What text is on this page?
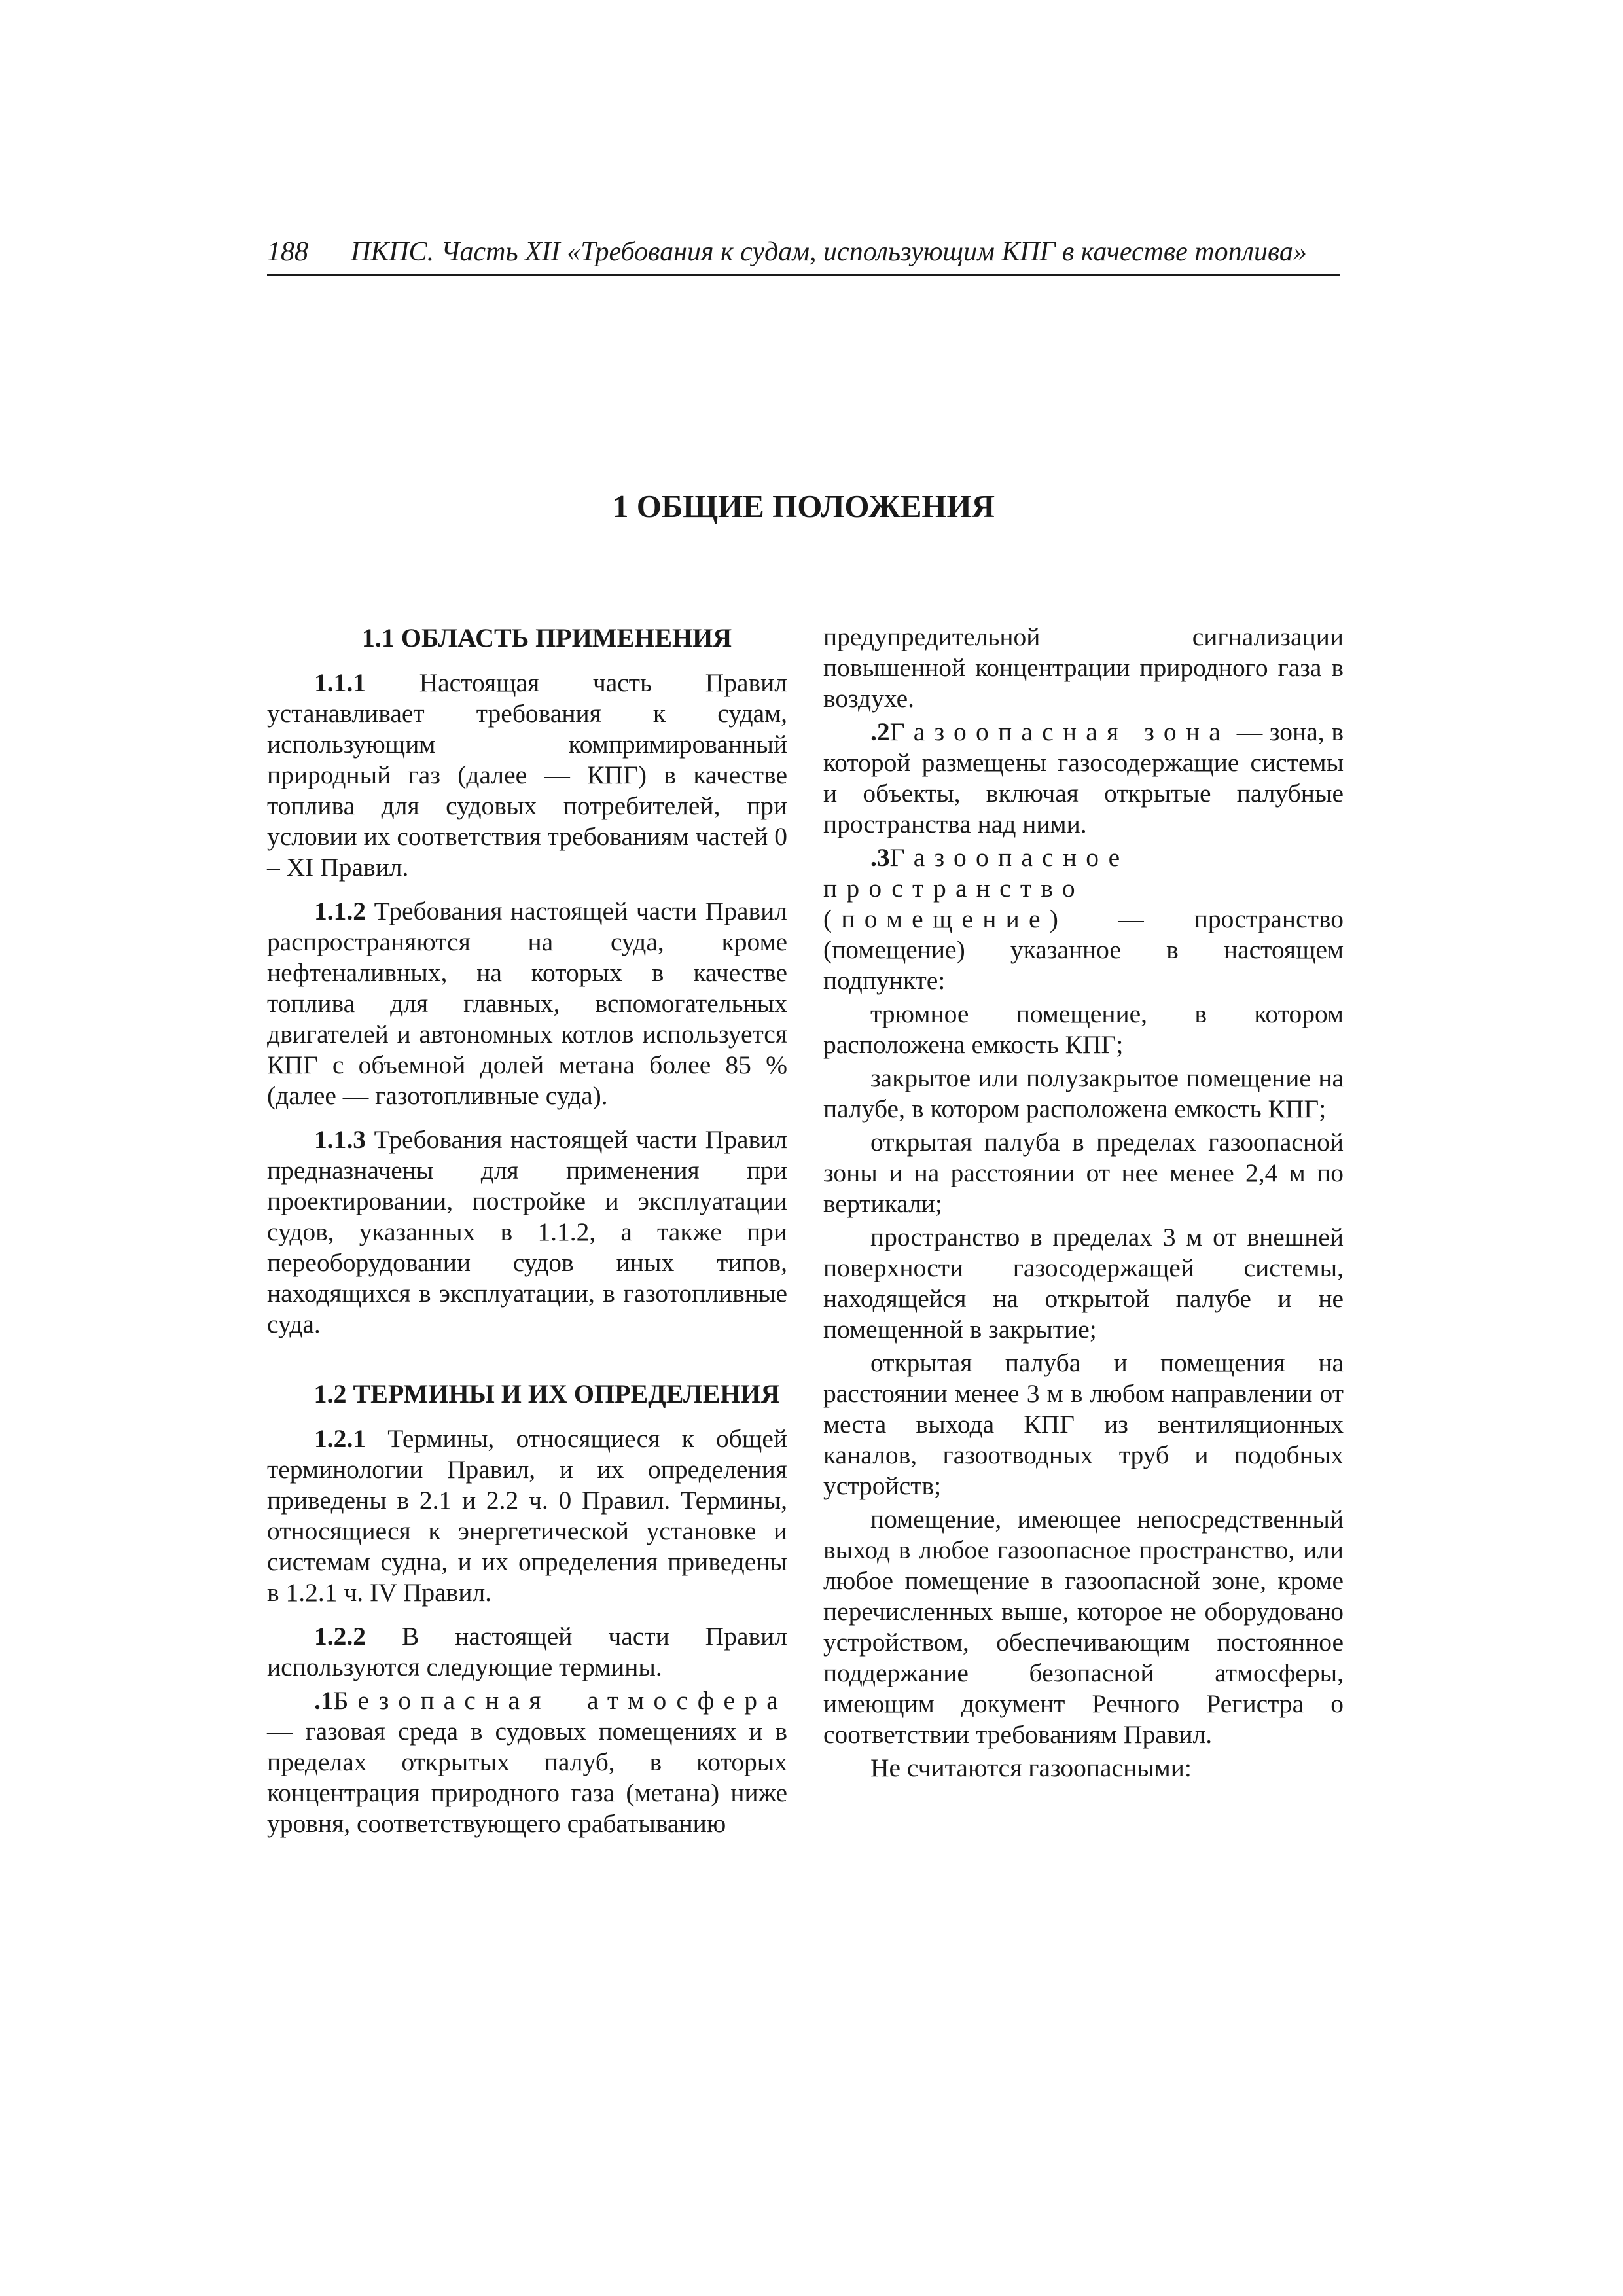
188 ПКПС. Часть XII «Требования к судам, использующим КПГ в качестве топлива»
1 ОБЩИЕ ПОЛОЖЕНИЯ
1.1 ОБЛАСТЬ ПРИМЕНЕНИЯ

1.1.1 Настоящая часть Правил устанавливает требования к судам, использующим компримированный природный газ (далее — КПГ) в качестве топлива для судовых потребителей, при условии их соответствия требованиям частей 0 – XI Правил.

1.1.2 Требования настоящей части Правил распространяются на суда, кроме нефтеналивных, на которых в качестве топлива для главных, вспомогательных двигателей и автономных котлов используется КПГ с объемной долей метана более 85 % (далее — газотопливные суда).

1.1.3 Требования настоящей части Правил предназначены для применения при проектировании, постройке и эксплуатации судов, указанных в 1.1.2, а также при переоборудовании судов иных типов, находящихся в эксплуатации, в газотопливные суда.

1.2 ТЕРМИНЫ И ИХ ОПРЕДЕЛЕНИЯ

1.2.1 Термины, относящиеся к общей терминологии Правил, и их определения приведены в 2.1 и 2.2 ч. 0 Правил. Термины, относящиеся к энергетической установке и системам судна, и их определения приведены в 1.2.1 ч. IV Правил.

1.2.2 В настоящей части Правил используются следующие термины.

.1Безопасная атмосфера — газовая среда в судовых помещениях и в пределах открытых палуб, в которых концентрация природного газа (метана) ниже уровня, соответствующего срабатыванию

предупредительной сигнализации повышенной концентрации природного газа в воздухе.

.2Газоопасная зона — зона, в которой размещены газосодержащие системы и объекты, включая открытые палубные пространства над ними.

.3Газоопасное пространство (помещение) — пространство (помещение) указанное в настоящем подпункте:

трюмное помещение, в котором расположена емкость КПГ;

закрытое или полузакрытое помещение на палубе, в котором расположена емкость КПГ;

открытая палуба в пределах газоопасной зоны и на расстоянии от нее менее 2,4 м по вертикали;

пространство в пределах 3 м от внешней поверхности газосодержащей системы, находящейся на открытой палубе и не помещенной в закрытие;

открытая палуба и помещения на расстоянии менее 3 м в любом направлении от места выхода КПГ из вентиляционных каналов, газоотводных труб и подобных устройств;

помещение, имеющее непосредственный выход в любое газоопасное пространство, или любое помещение в газоопасной зоне, кроме перечисленных выше, которое не оборудовано устройством, обеспечивающим постоянное поддержание безопасной атмосферы, имеющим документ Речного Регистра о соответствии требованиям Правил.

Не считаются газоопасными:
